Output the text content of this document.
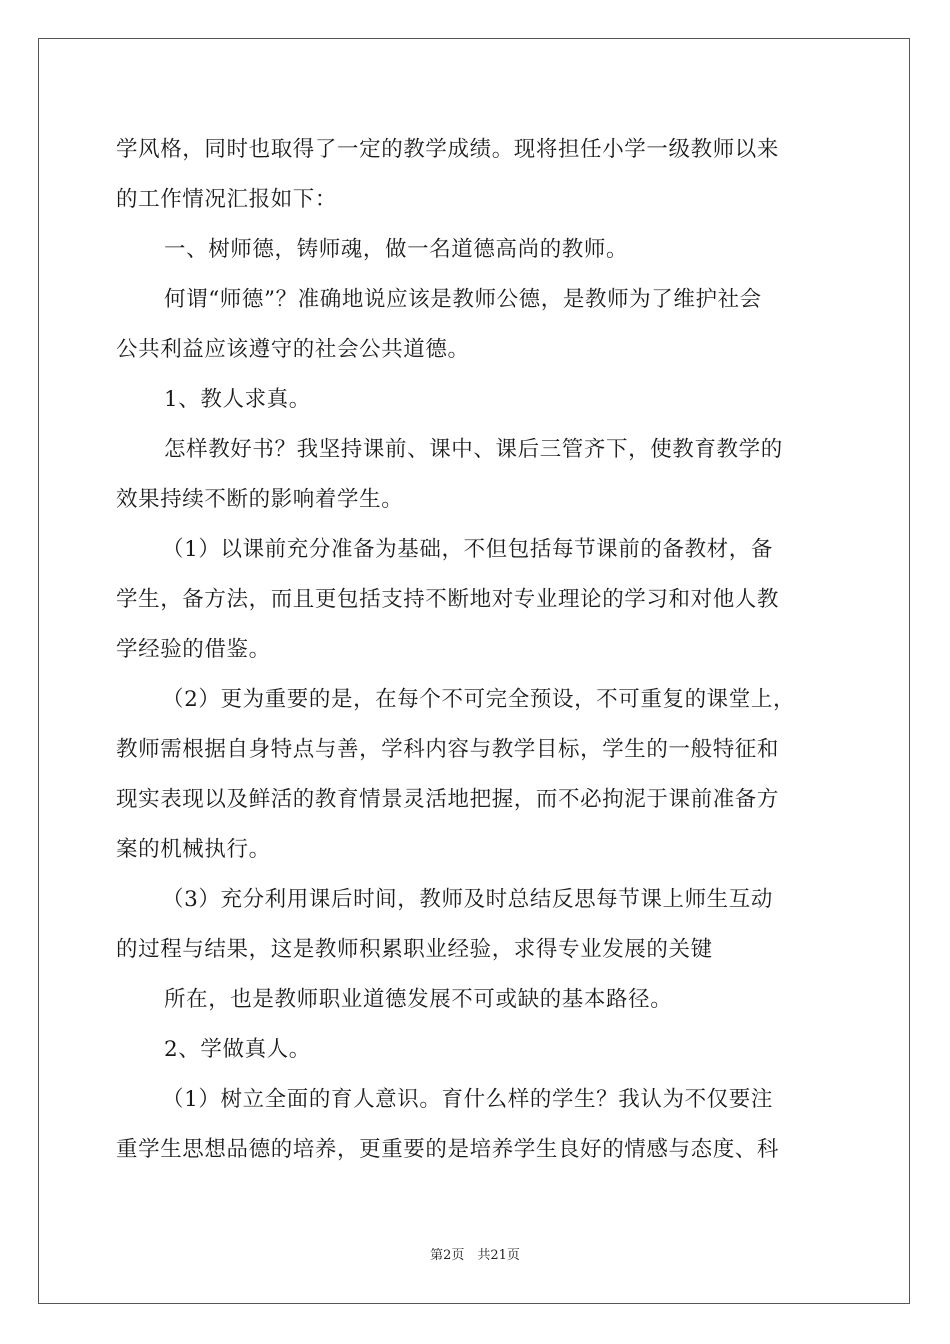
学风格，同时也取得了一定的教学成绩。现将担任小学一级教师以来
的工作情况汇报如下：
一、树师德，铸师魂，做一名道德高尚的教师。
何谓“师德”？准确地说应该是教师公德，是教师为了维护社会
公共利益应该遵守的社会公共道德。
1、教人求真。
怎样教好书？我坚持课前、课中、课后三管齐下，使教育教学的
效果持续不断的影响着学生。
（1）以课前充分准备为基础，不但包括每节课前的备教材，备
学生，备方法，而且更包括支持不断地对专业理论的学习和对他人教
学经验的借鉴。
（2）更为重要的是，在每个不可完全预设，不可重复的课堂上，
教师需根据自身特点与善，学科内容与教学目标，学生的一般特征和
现实表现以及鲜活的教育情景灵活地把握，而不必拘泥于课前准备方
案的机械执行。
（3）充分利用课后时间，教师及时总结反思每节课上师生互动
的过程与结果，这是教师积累职业经验，求得专业发展的关键
所在，也是教师职业道德发展不可或缺的基本路径。
2、学做真人。
（1）树立全面的育人意识。育什么样的学生？我认为不仅要注
重学生思想品德的培养，更重要的是培养学生良好的情感与态度、科
第2页　共21页
